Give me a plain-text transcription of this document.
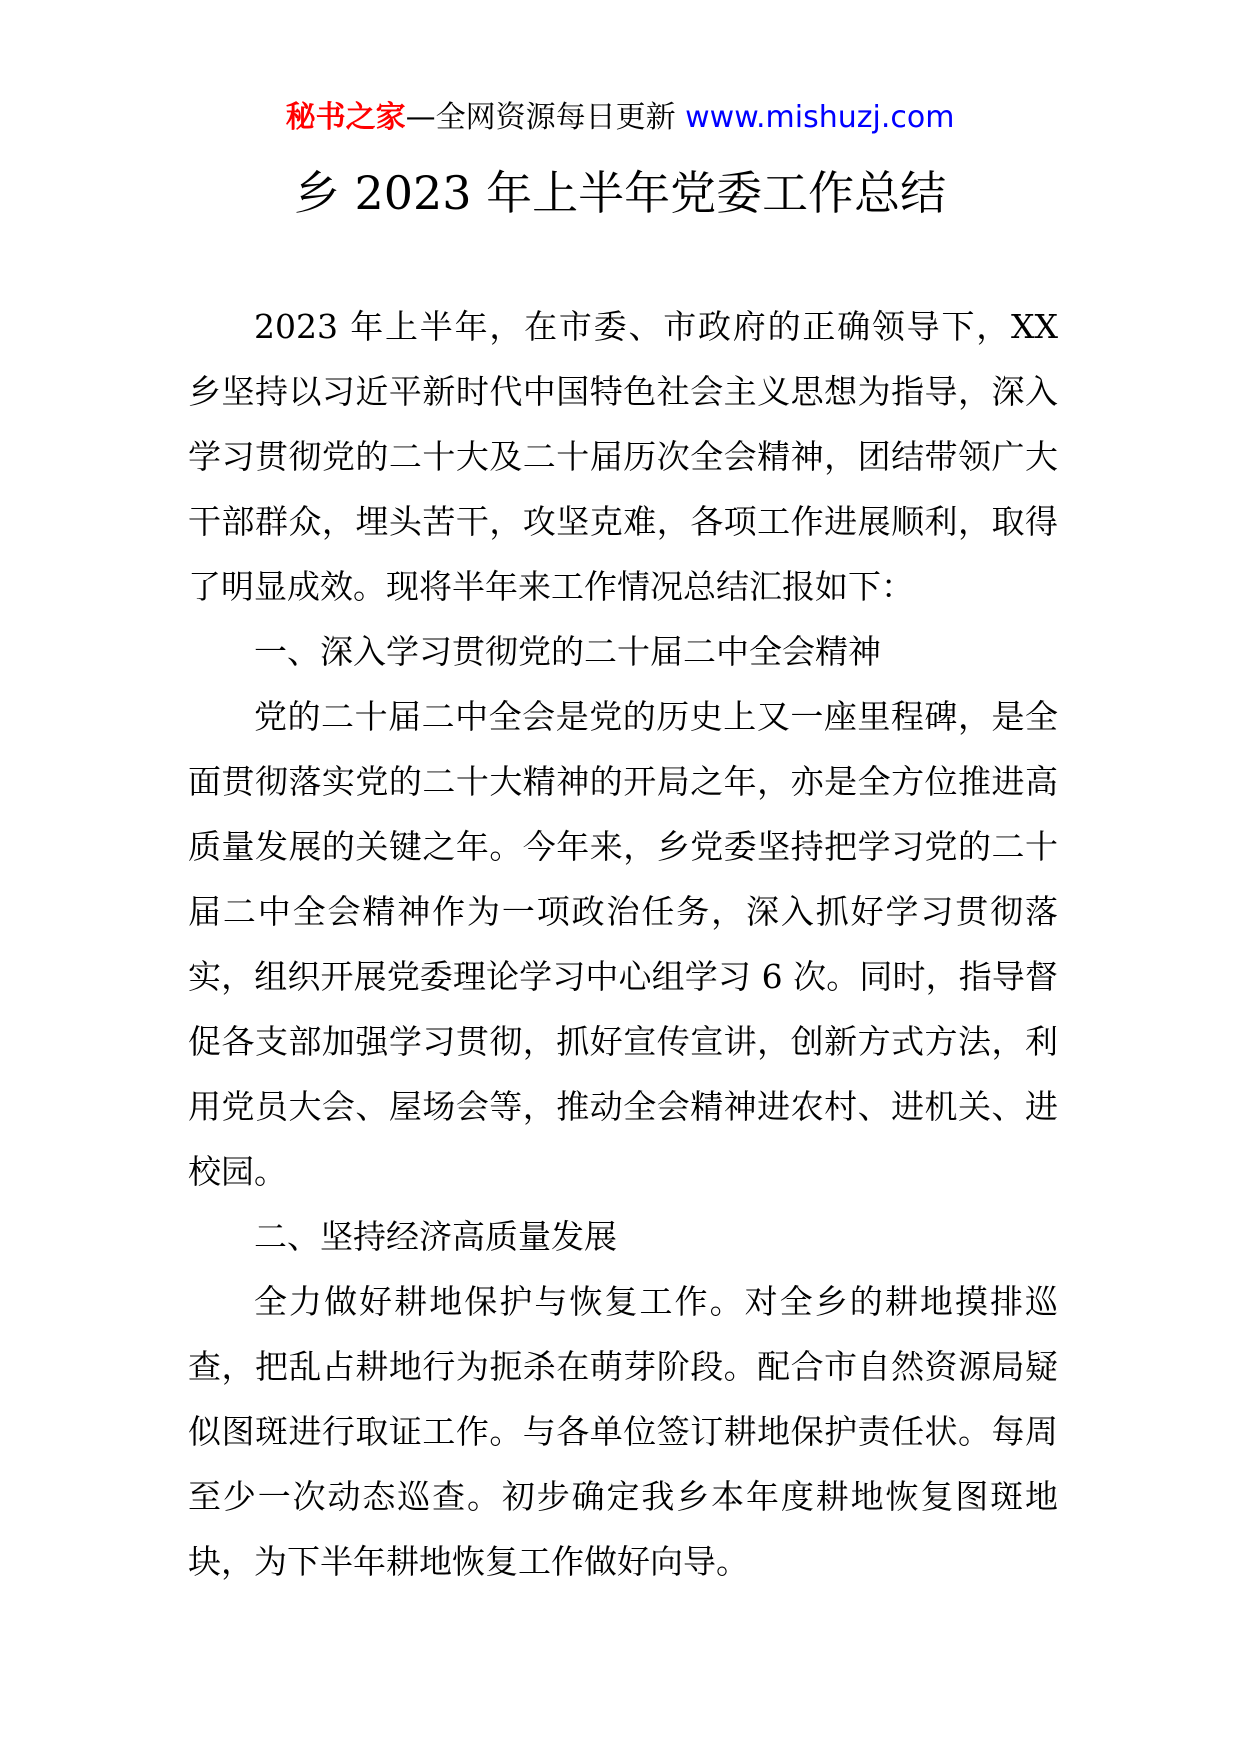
秘书之家—全网资源每日更新 www.mishuzj.com
乡 2023 年上半年党委工作总结

2023 年上半年，在市委、市政府的正确领导下，XX 乡坚持以习近平新时代中国特色社会主义思想为指导，深入学习贯彻党的二十大及二十届历次全会精神，团结带领广大干部群众，埋头苦干，攻坚克难，各项工作进展顺利，取得了明显成效。现将半年来工作情况总结汇报如下：

一、深入学习贯彻党的二十届二中全会精神

党的二十届二中全会是党的历史上又一座里程碑，是全面贯彻落实党的二十大精神的开局之年，亦是全方位推进高质量发展的关键之年。今年来，乡党委坚持把学习党的二十届二中全会精神作为一项政治任务，深入抓好学习贯彻落实，组织开展党委理论学习中心组学习 6 次。同时，指导督促各支部加强学习贯彻，抓好宣传宣讲，创新方式方法，利用党员大会、屋场会等，推动全会精神进农村、进机关、进校园。

二、坚持经济高质量发展

全力做好耕地保护与恢复工作。对全乡的耕地摸排巡查，把乱占耕地行为扼杀在萌芽阶段。配合市自然资源局疑似图斑进行取证工作。与各单位签订耕地保护责任状。每周至少一次动态巡查。初步确定我乡本年度耕地恢复图斑地块，为下半年耕地恢复工作做好向导。
